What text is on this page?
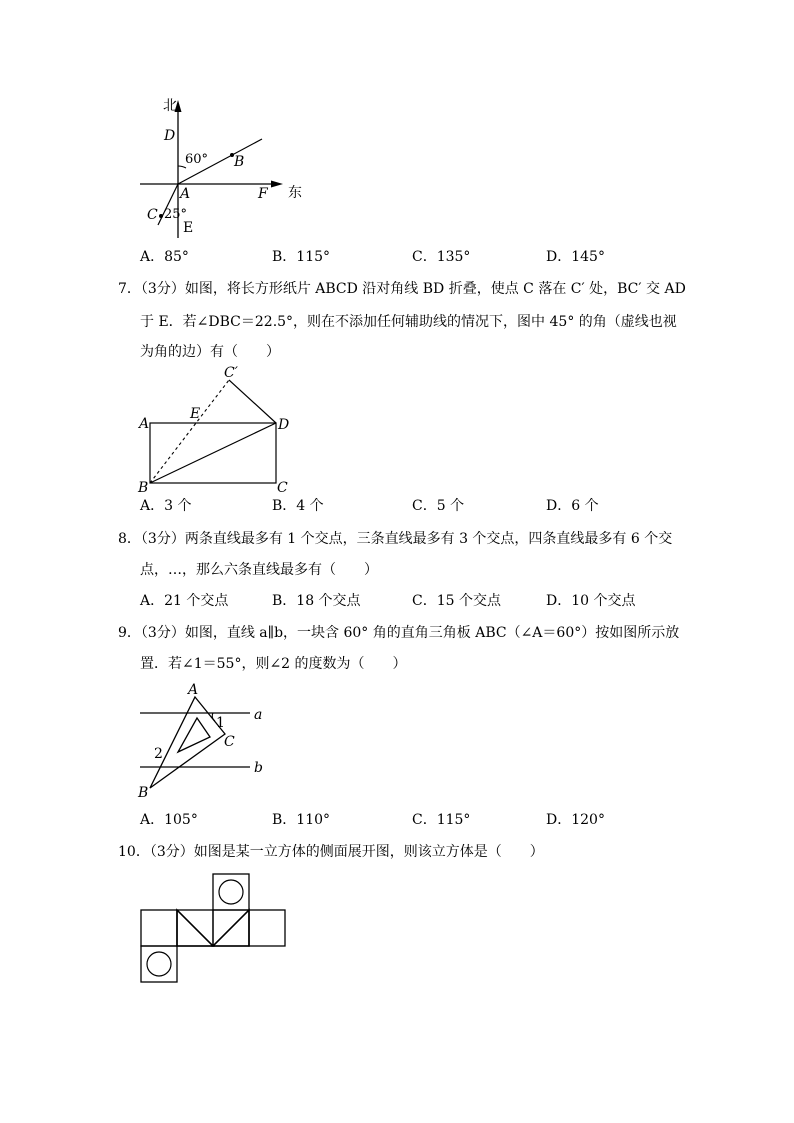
北
D
60° B
A	F 东
C 25°
E
A．85°	B．115°	C．135°	D．145°
7．（3分）如图，将长方形纸片 ABCD 沿对角线 BD 折叠，使点 C 落在 C′ 处，BC′ 交 AD
于 E．若∠DBC＝22.5°，则在不添加任何辅助线的情况下，图中 45° 的角（虚线也视
为角的边）有（　　）
C′
E
A	D
B	C
A．3 个	B．4 个	C．5 个	D．6 个
8．（3分）两条直线最多有 1 个交点，三条直线最多有 3 个交点，四条直线最多有 6 个交
点，…，那么六条直线最多有（　　）
A．21 个交点	B．18 个交点	C．15 个交点	D．10 个交点
9．（3分）如图，直线 a∥b，一块含 60° 角的直角三角板 ABC（∠A＝60°）按如图所示放
置．若∠1＝55°，则∠2 的度数为（　　）
A
a
1
C
2
b
B
A．105°	B．110°	C．115°	D．120°
10．（3分）如图是某一立方体的侧面展开图，则该立方体是（　　）
